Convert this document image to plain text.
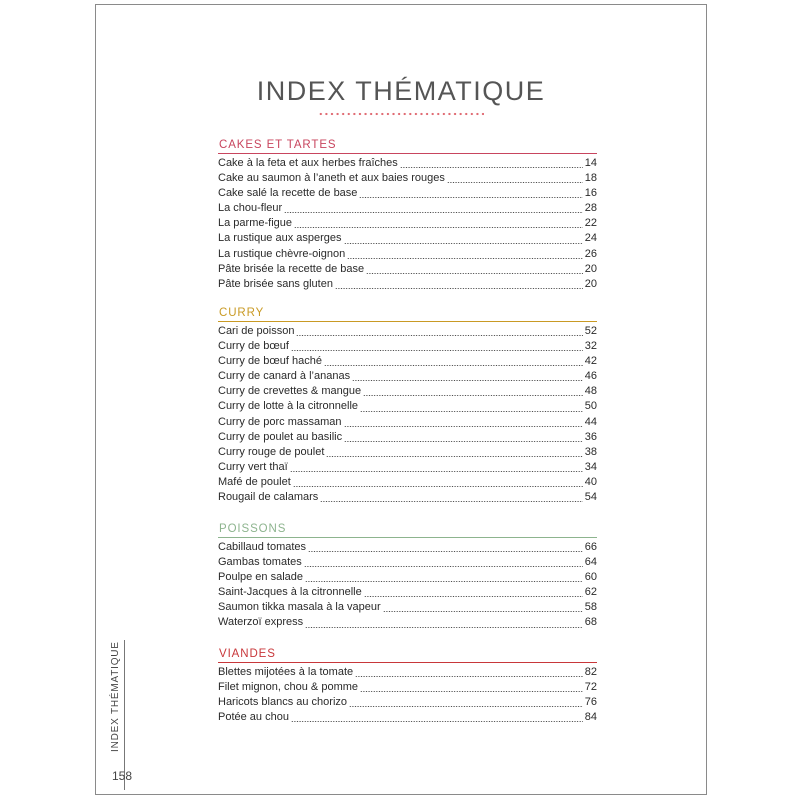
INDEX THÉMATIQUE
CAKES ET TARTES
Cake à la feta et aux herbes fraîches	14
Cake au saumon à l’aneth et aux baies rouges	18
Cake salé la recette de base	16
La chou-fleur	28
La parme-figue	22
La rustique aux asperges	24
La rustique chèvre-oignon	26
Pâte brisée la recette de base	20
Pâte brisée sans gluten	20
CURRY
Cari de poisson	52
Curry de bœuf	32
Curry de bœuf haché	42
Curry de canard à l’ananas	46
Curry de crevettes & mangue	48
Curry de lotte à la citronnelle	50
Curry de porc massaman	44
Curry de poulet au basilic	36
Curry rouge de poulet	38
Curry vert thaï	34
Mafé de poulet	40
Rougail de calamars	54
POISSONS
Cabillaud tomates	66
Gambas tomates	64
Poulpe en salade	60
Saint-Jacques à la citronnelle	62
Saumon tikka masala à la vapeur	58
Waterzoï express	68
VIANDES
Blettes mijotées à la tomate	82
Filet mignon, chou & pomme	72
Haricots blancs au chorizo	76
Potée au chou	84
INDEX THÉMATIQUE
158
